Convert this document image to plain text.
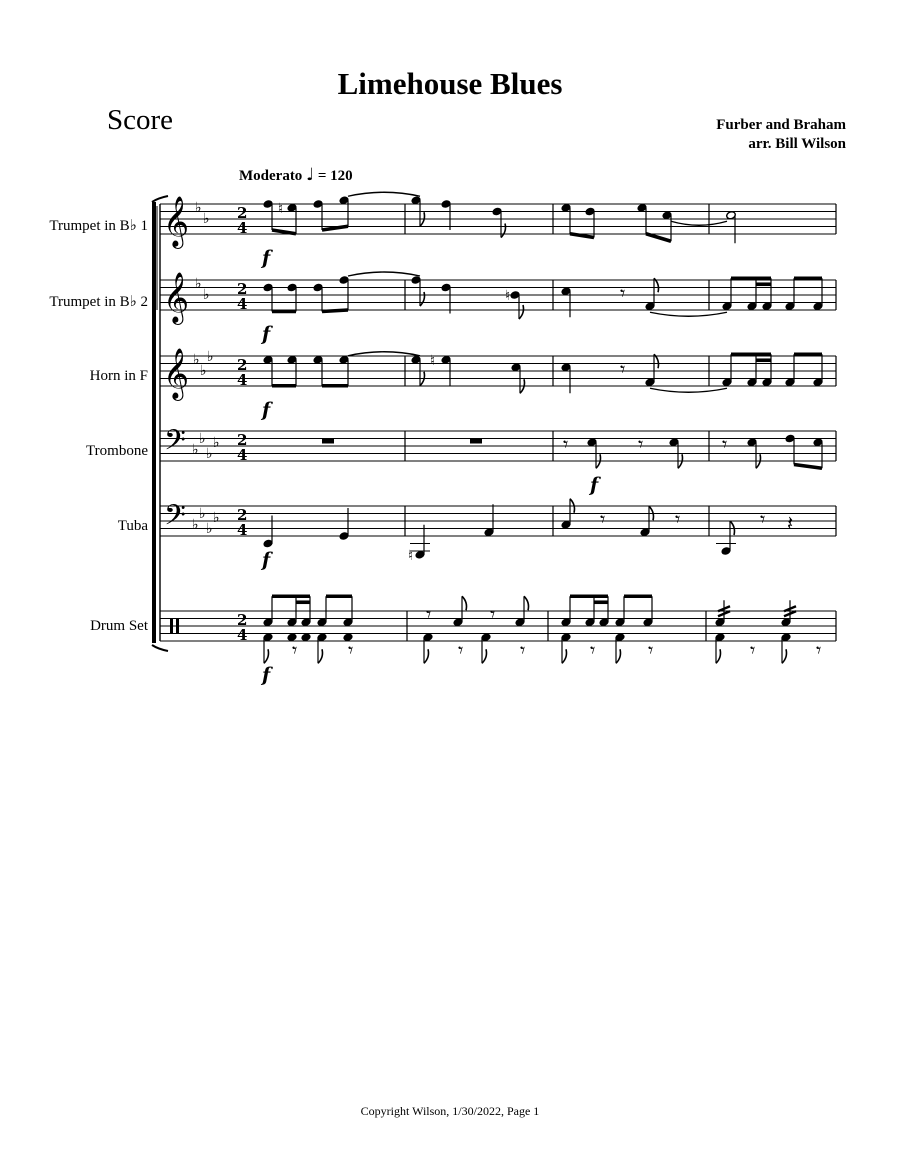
Limehouse Blues
Score	Furber and Braham
arr. Bill Wilson
Moderato ♩ = 120
Trumpet in B♭ 1
Trumpet in B♭ 2
Horn in F
Trombone
Tuba
Drum Set
♮
♮	𝄾
♮	𝄾
𝄾	𝄾	𝄾
♮
𝄾	𝄾	𝄾 𝄽
𝄾	𝄾
𝄾	𝄾
𝄾	𝄾	𝄾	𝄾	𝄾	𝄾
𝄞
𝄞
𝄞
𝄢
𝄢
♭
♭
♭
♭
♭
♭
♭
♭
♭
♭
♭
♭
♭
♭
♭
2
4
2
4
2
4
2
4
2
4
2
4
f
f
f
f
f
f
Copyright Wilson, 1/30/2022, Page 1
